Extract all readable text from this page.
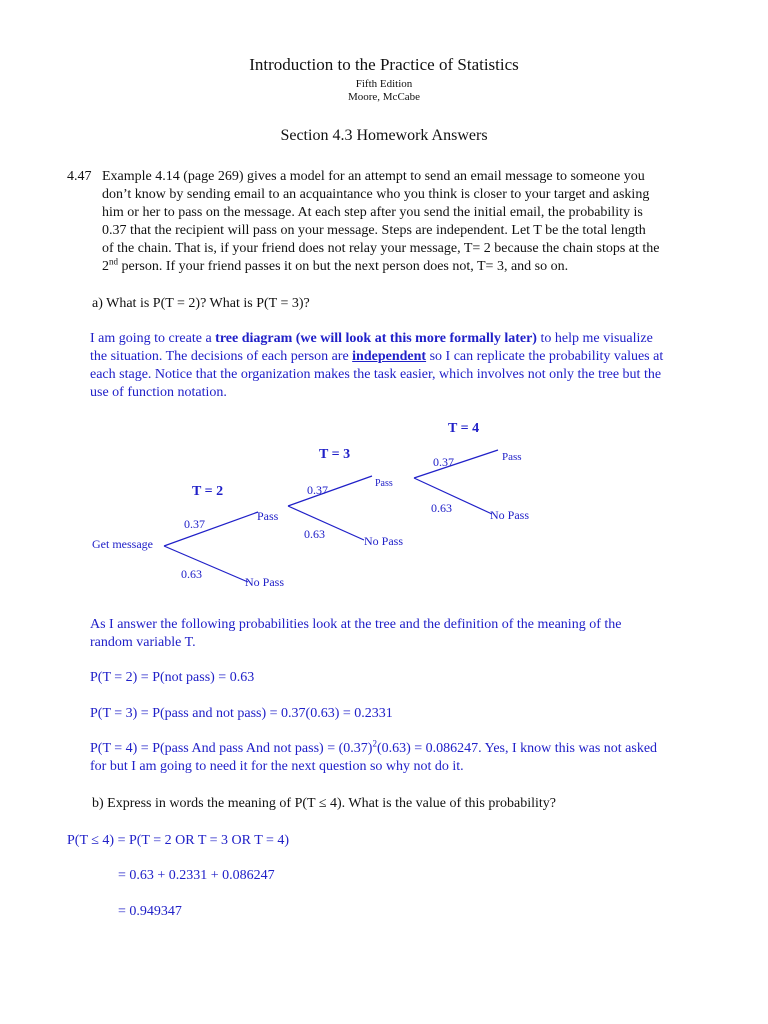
Introduction to the Practice of Statistics
Fifth Edition
Moore, McCabe
Section 4.3 Homework Answers
4.47 Example 4.14 (page 269) gives a model for an attempt to send an email message to someone you
don’t know by sending email to an acquaintance who you think is closer to your target and asking
him or her to pass on the message. At each step after you send the initial email, the probability is
0.37 that the recipient will pass on your message. Steps are independent. Let T be the total length
of the chain. That is, if your friend does not relay your message, T= 2 because the chain stops at the
2nd person. If your friend passes it on but the next person does not, T= 3, and so on.
a) What is P(T = 2)? What is P(T = 3)?
I am going to create a tree diagram (we will look at this more formally later) to help me visualize
the situation. The decisions of each person are independent so I can replicate the probability values at
each stage. Notice that the organization makes the task easier, which involves not only the tree but the
use of function notation.
T = 2
T = 3
T = 4
Get message
0.37
0.63
Pass
No Pass
0.37
0.63
Pass
No Pass
0.37
0.63
Pass
No Pass
As I answer the following probabilities look at the tree and the definition of the meaning of the
random variable T.
P(T = 2) = P(not pass) = 0.63
P(T = 3) = P(pass and not pass) = 0.37(0.63) = 0.2331
P(T = 4) = P(pass And pass And not pass) = $(0.37)^2(0.63) = 0.086247$. Yes, I know this was not asked
for but I am going to need it for the next question so why not do it.
b) Express in words the meaning of P(T ≤ 4). What is the value of this probability?
P(T ≤ 4) = P(T = 2 OR T = 3 OR T = 4)
= 0.63 + 0.2331 + 0.086247
= 0.949347
